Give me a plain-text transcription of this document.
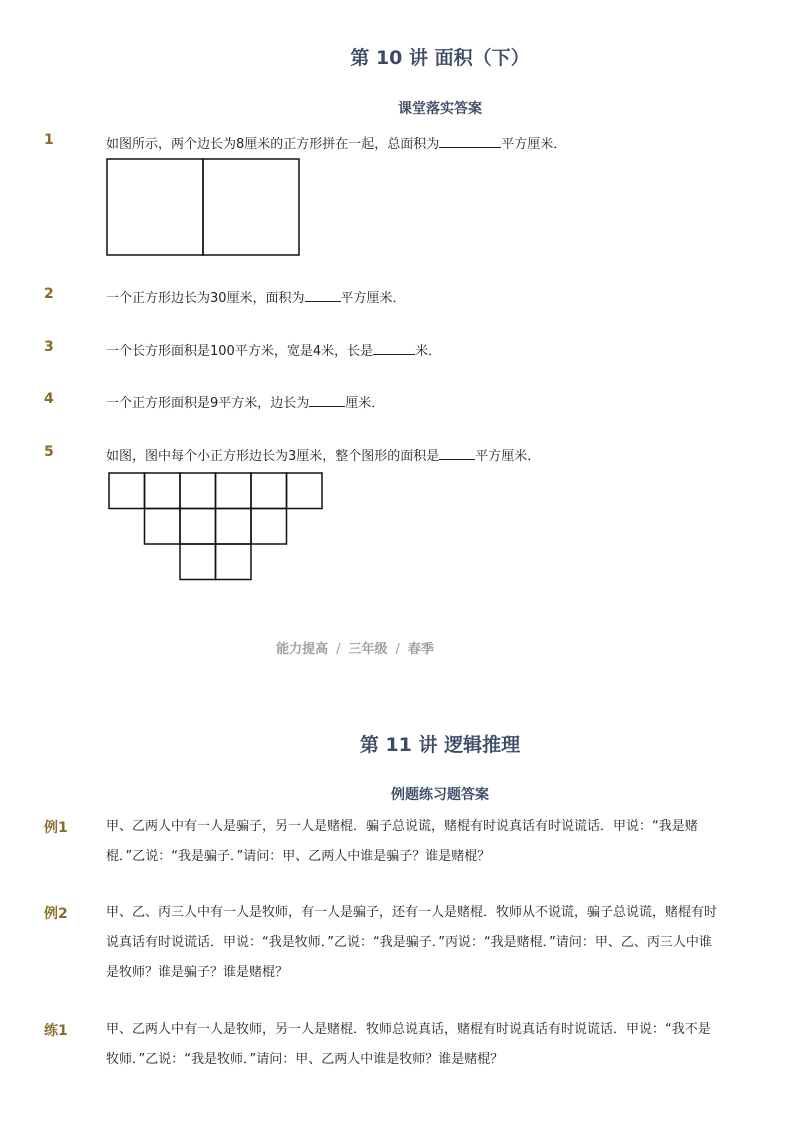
第 10 讲 面积（下）
课堂落实答案
1	如图所示，两个边长为8厘米的正方形拼在一起，总面积为	平方厘米．
2	一个正方形边长为30厘米，面积为	平方厘米．
3	一个长方形面积是100平方米，宽是4米，长是	米．
4	一个正方形面积是9平方米，边长为	厘米．
5	如图，图中每个小正方形边长为3厘米，整个图形的面积是	平方厘米．
能力提高 / 三年级 / 春季
第 11 讲 逻辑推理
例题练习题答案
例1	甲、乙两人中有一人是骗子，另一人是赌棍．骗子总说谎，赌棍有时说真话有时说谎话．甲说：“我是赌棍．”乙说：“我是骗子．”请问：甲、乙两人中谁是骗子？谁是赌棍？
例2	甲、乙、丙三人中有一人是牧师，有一人是骗子，还有一人是赌棍．牧师从不说谎，骗子总说谎，赌棍有时说真话有时说谎话．甲说：“我是牧师．”乙说：“我是骗子．”丙说：“我是赌棍．”请问：甲、乙、丙三人中谁是牧师？谁是骗子？谁是赌棍？
练1	甲、乙两人中有一人是牧师，另一人是赌棍．牧师总说真话，赌棍有时说真话有时说谎话．甲说：“我不是牧师．”乙说：“我是牧师．”请问：甲、乙两人中谁是牧师？谁是赌棍？
